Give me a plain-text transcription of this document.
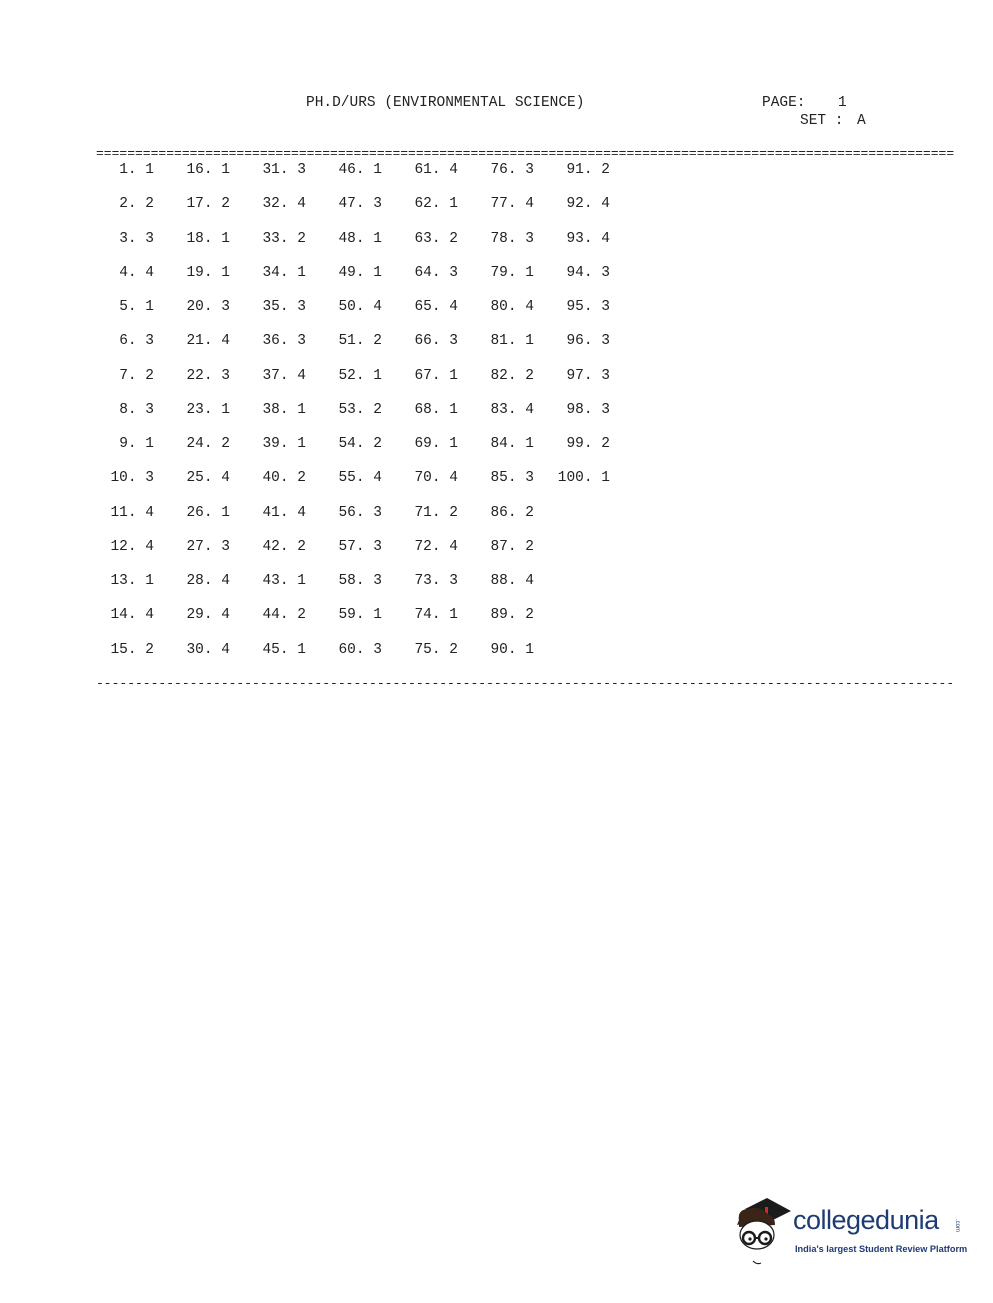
PH.D/URS (ENVIRONMENTAL SCIENCE)	PAGE: 1
SET : A
==============================================================================================================
1. 1	16. 1	31. 3	46. 1	61. 4	76. 3	91. 2
2. 2	17. 2	32. 4	47. 3	62. 1	77. 4	92. 4
3. 3	18. 1	33. 2	48. 1	63. 2	78. 3	93. 4
4. 4	19. 1	34. 1	49. 1	64. 3	79. 1	94. 3
5. 1	20. 3	35. 3	50. 4	65. 4	80. 4	95. 3
6. 3	21. 4	36. 3	51. 2	66. 3	81. 1	96. 3
7. 2	22. 3	37. 4	52. 1	67. 1	82. 2	97. 3
8. 3	23. 1	38. 1	53. 2	68. 1	83. 4	98. 3
9. 1	24. 2	39. 1	54. 2	69. 1	84. 1	99. 2
10. 3	25. 4	40. 2	55. 4	70. 4	85. 3	100. 1
11. 4	26. 1	41. 4	56. 3	71. 2	86. 2
12. 4	27. 3	42. 2	57. 3	72. 4	87. 2
13. 1	28. 4	43. 1	58. 3	73. 3	88. 4
14. 4	29. 4	44. 2	59. 1	74. 1	89. 2
15. 2	30. 4	45. 1	60. 3	75. 2	90. 1
--------------------------------------------------------------------------------------------------------------
collegedunia	.com
India's largest Student Review Platform
